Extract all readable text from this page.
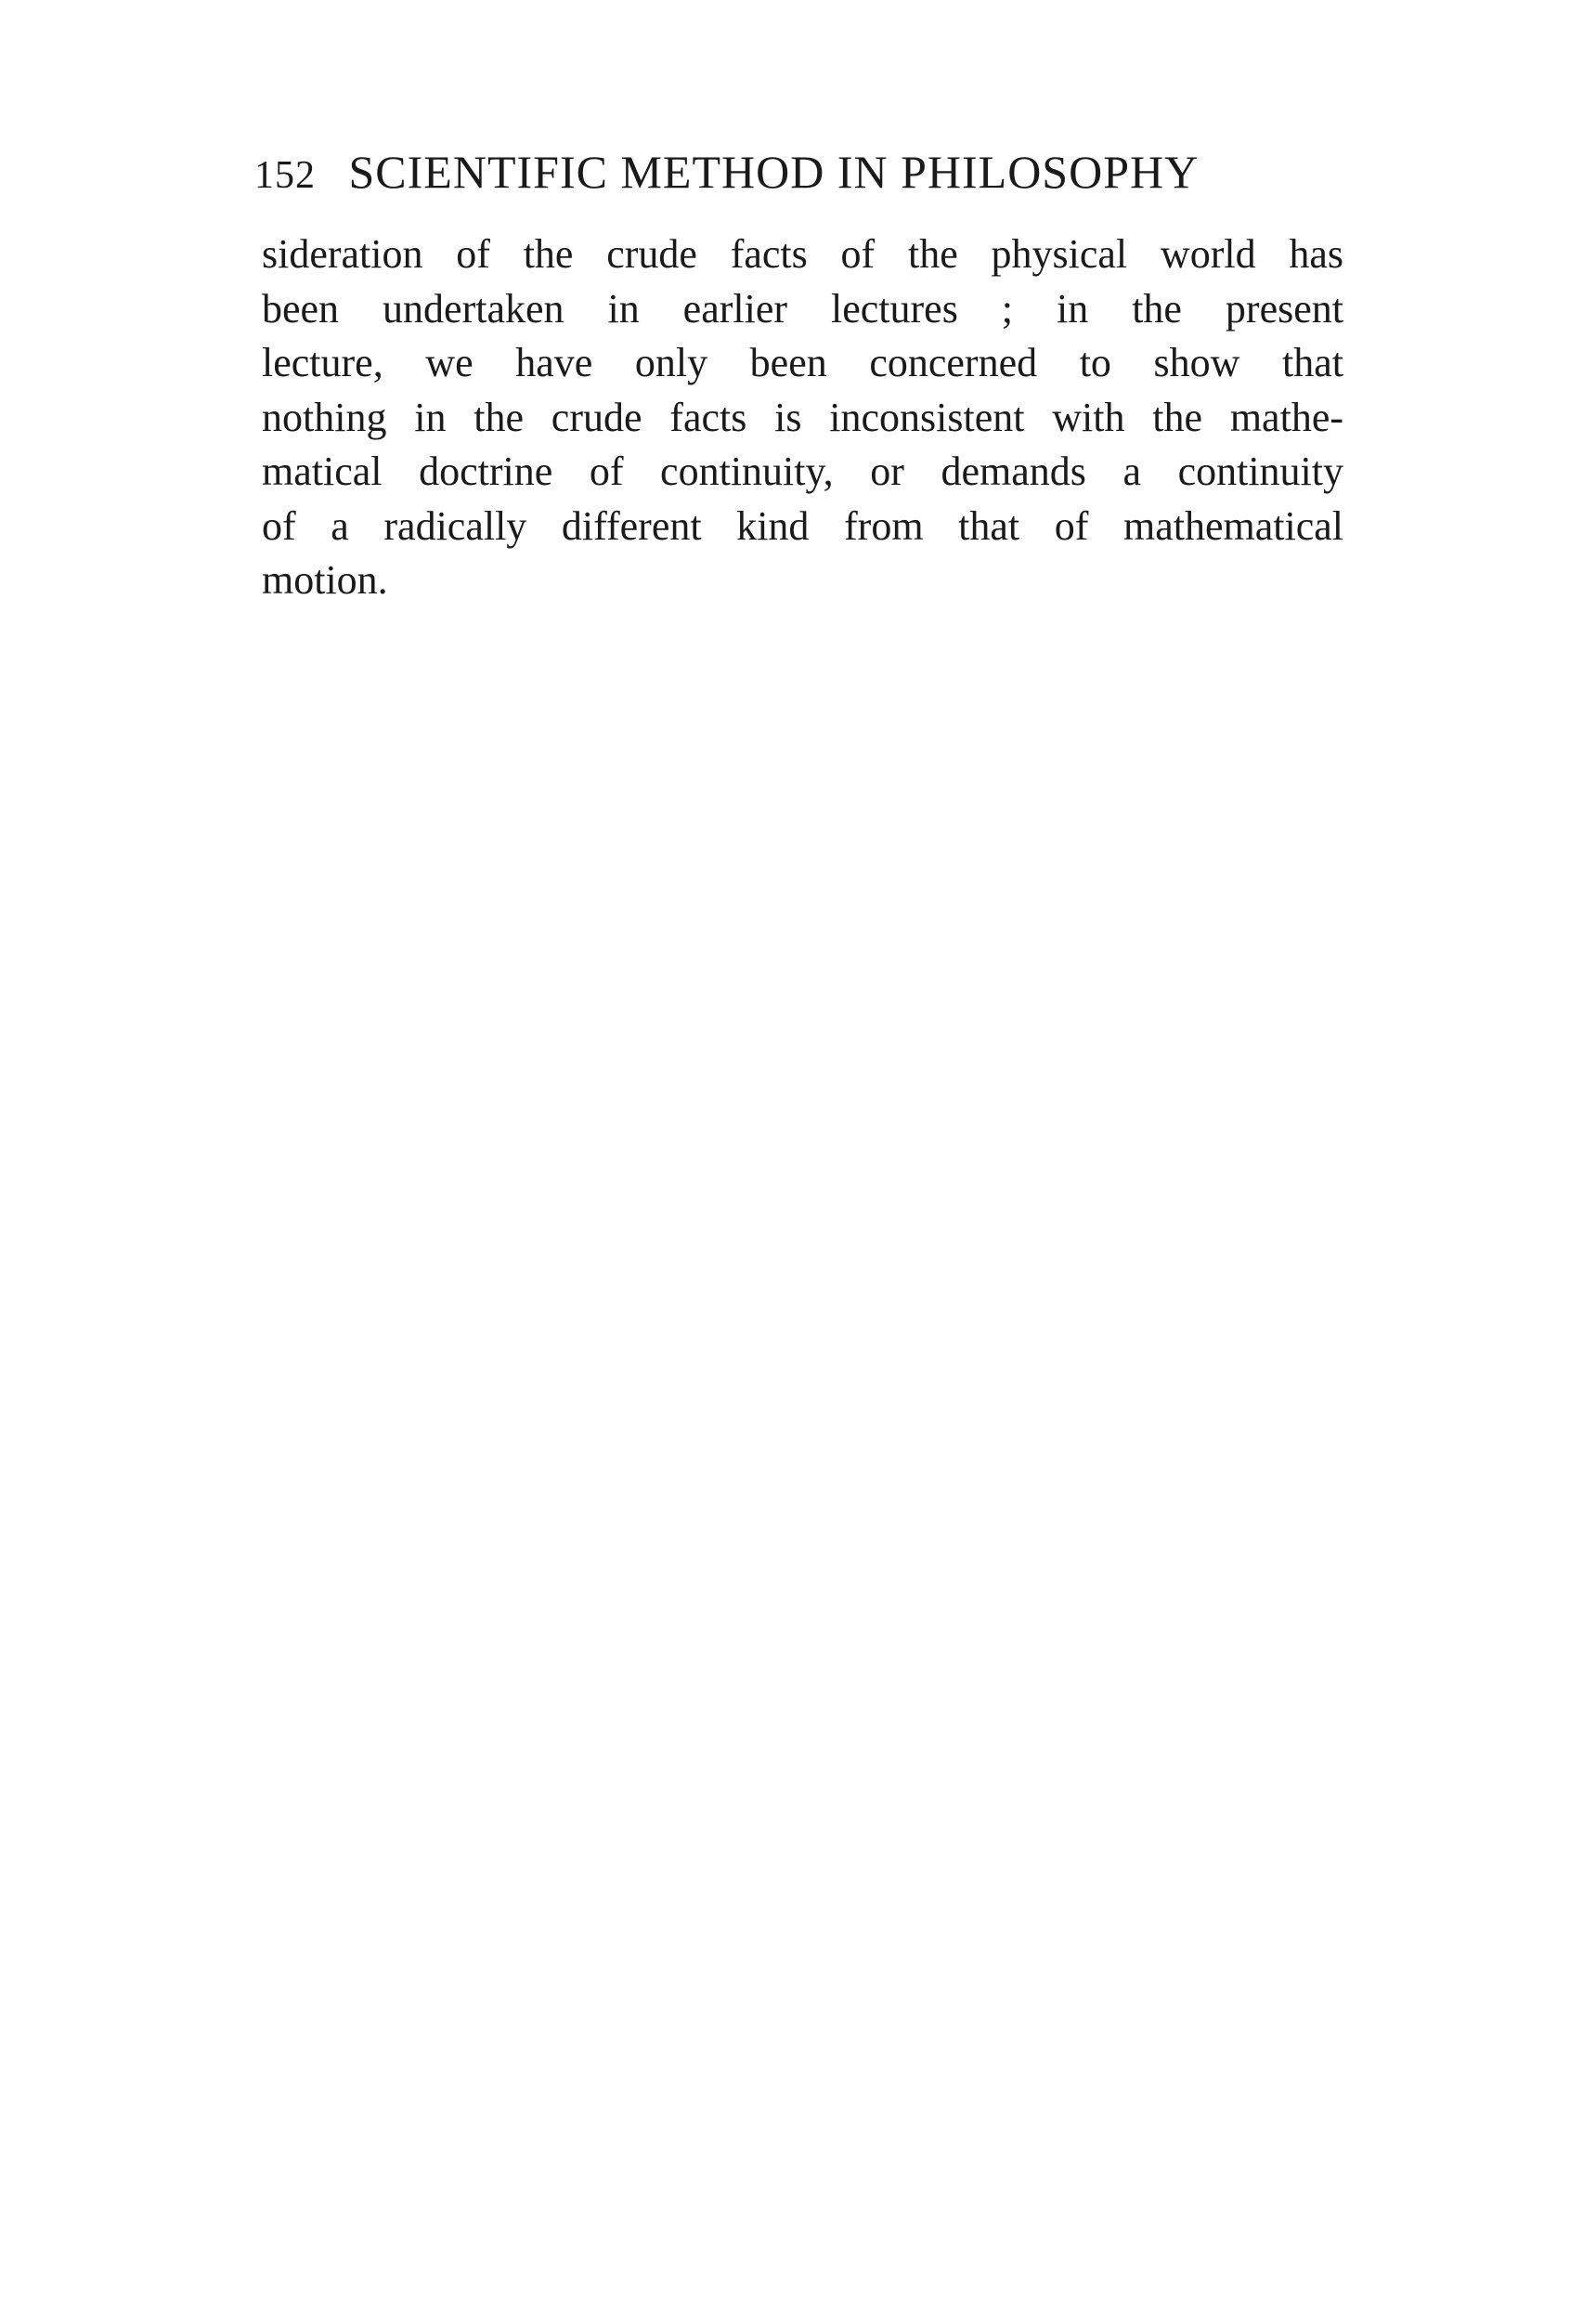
152 SCIENTIFIC METHOD IN PHILOSOPHY
sideration of the crude facts of the physical world has
been undertaken in earlier lectures ; in the present
lecture, we have only been concerned to show that
nothing in the crude facts is inconsistent with the mathe-
matical doctrine of continuity, or demands a continuity
of a radically different kind from that of mathematical
motion.
